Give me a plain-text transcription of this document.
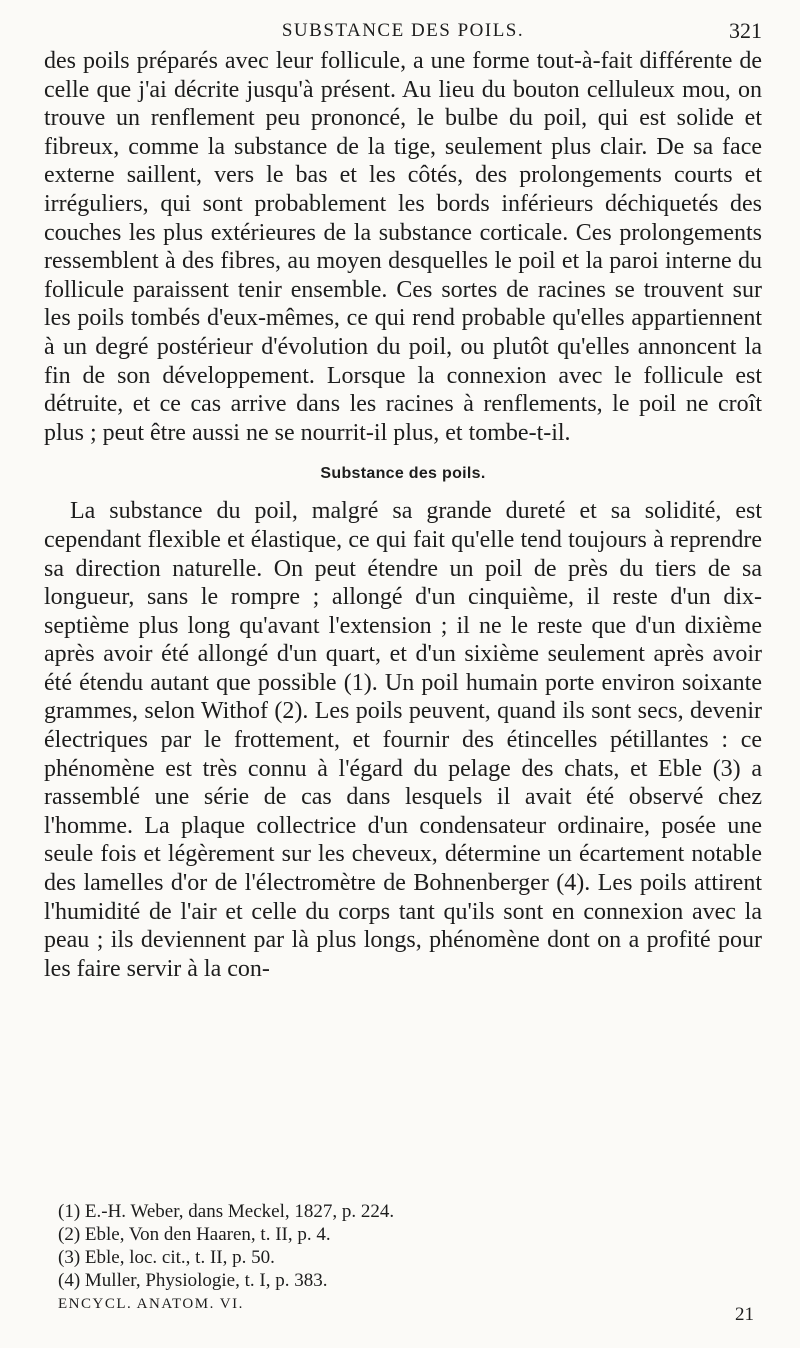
SUBSTANCE DES POILS.	321

des poils préparés avec leur follicule, a une forme tout-à-fait différente de celle que j'ai décrite jusqu'à présent. Au lieu du bouton celluleux mou, on trouve un renflement peu prononcé, le bulbe du poil, qui est solide et fibreux, comme la substance de la tige, seulement plus clair. De sa face externe saillent, vers le bas et les côtés, des prolongements courts et irréguliers, qui sont probablement les bords inférieurs déchiquetés des couches les plus extérieures de la substance corticale. Ces prolongements ressemblent à des fibres, au moyen desquelles le poil et la paroi interne du follicule paraissent tenir ensemble. Ces sortes de racines se trouvent sur les poils tombés d'eux-mêmes, ce qui rend probable qu'elles appartiennent à un degré postérieur d'évolution du poil, ou plutôt qu'elles annoncent la fin de son développement. Lorsque la connexion avec le follicule est détruite, et ce cas arrive dans les racines à renflements, le poil ne croît plus ; peut être aussi ne se nourrit-il plus, et tombe-t-il.

Substance des poils.

La substance du poil, malgré sa grande dureté et sa solidité, est cependant flexible et élastique, ce qui fait qu'elle tend toujours à reprendre sa direction naturelle. On peut étendre un poil de près du tiers de sa longueur, sans le rompre ; allongé d'un cinquième, il reste d'un dix-septième plus long qu'avant l'extension ; il ne le reste que d'un dixième après avoir été allongé d'un quart, et d'un sixième seulement après avoir été étendu autant que possible (1). Un poil humain porte environ soixante grammes, selon Withof (2). Les poils peuvent, quand ils sont secs, devenir électriques par le frottement, et fournir des étincelles pétillantes : ce phénomène est très connu à l'égard du pelage des chats, et Eble (3) a rassemblé une série de cas dans lesquels il avait été observé chez l'homme. La plaque collectrice d'un condensateur ordinaire, posée une seule fois et légèrement sur les cheveux, détermine un écartement notable des lamelles d'or de l'électromètre de Bohnenberger (4). Les poils attirent l'humidité de l'air et celle du corps tant qu'ils sont en connexion avec la peau ; ils deviennent par là plus longs, phénomène dont on a profité pour les faire servir à la con-

(1) E.-H. Weber, dans Meckel, 1827, p. 224.
(2) Eble, Von den Haaren, t. II, p. 4.
(3) Eble, loc. cit., t. II, p. 50.
(4) Muller, Physiologie, t. I, p. 383.
ENCYCL. ANATOM. VI.	21
